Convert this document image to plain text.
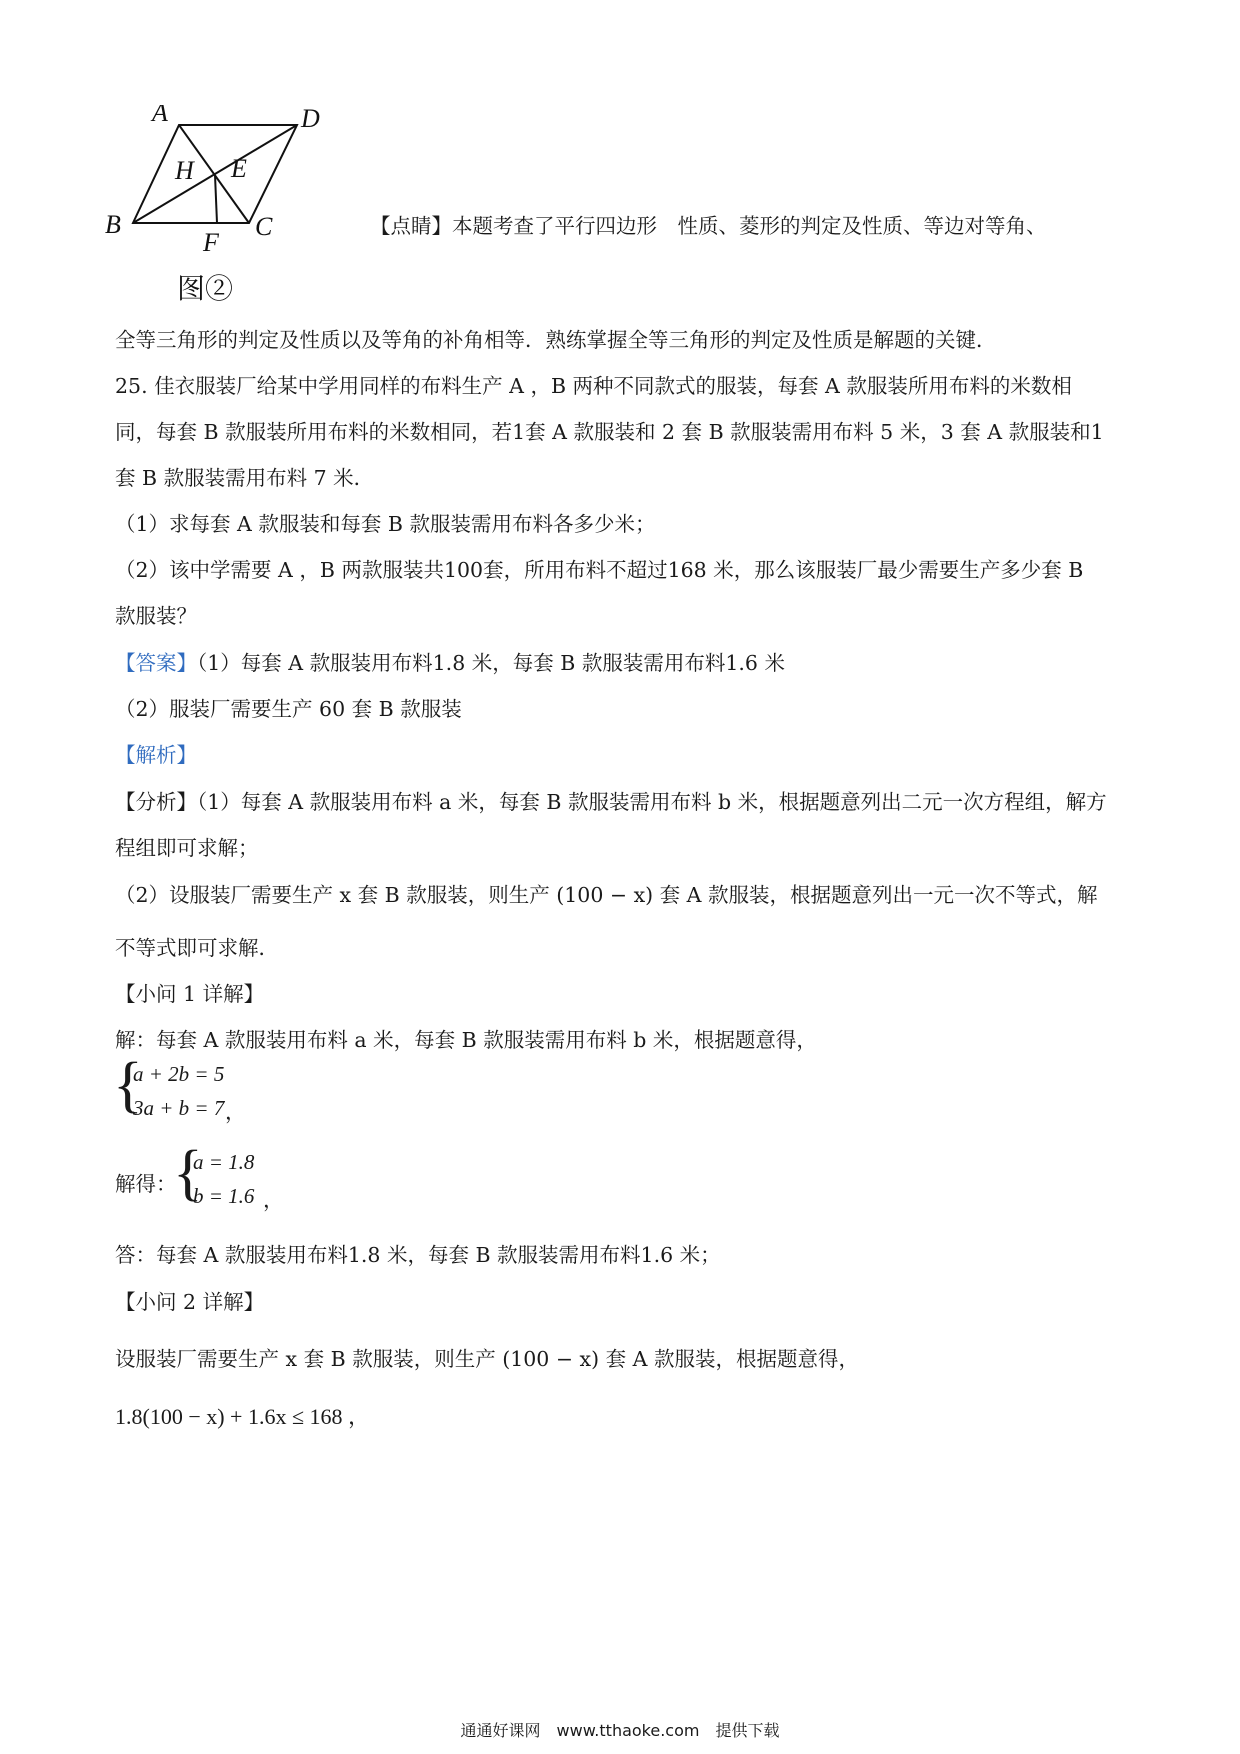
A	D
H E
B	C
F
图②
【点睛】本题考查了平行四边形　性质、菱形的判定及性质、等边对等角、
全等三角形的判定及性质以及等角的补角相等．熟练掌握全等三角形的判定及性质是解题的关键．
25. 佳衣服装厂给某中学用同样的布料生产 A ，B 两种不同款式的服装，每套 A 款服装所用布料的米数相
同，每套 B 款服装所用布料的米数相同，若1套 A 款服装和 2 套 B 款服装需用布料 5 米，3 套 A 款服装和1
套 B 款服装需用布料 7 米．
（1）求每套 A 款服装和每套 B 款服装需用布料各多少米；
（2）该中学需要 A ，B 两款服装共100套，所用布料不超过168 米，那么该服装厂最少需要生产多少套 B
款服装？
【答案】（1）每套 A 款服装用布料1.8 米，每套 B 款服装需用布料1.6 米
（2）服装厂需要生产 60 套 B 款服装
【解析】
【分析】（1）每套 A 款服装用布料 a 米，每套 B 款服装需用布料 b 米，根据题意列出二元一次方程组，解方
程组即可求解；
（2）设服装厂需要生产 x 套 B 款服装，则生产 (100 − x) 套 A 款服装，根据题意列出一元一次不等式，解
不等式即可求解．
【小问 1 详解】
解：每套 A 款服装用布料 a 米，每套 B 款服装需用布料 b 米，根据题意得，
{
a + 2b = 5
3a + b = 7 ，
解得：
{
a = 1.8
b = 1.6 ，
答：每套 A 款服装用布料1.8 米，每套 B 款服装需用布料1.6 米；
【小问 2 详解】
设服装厂需要生产 x 套 B 款服装，则生产 (100 − x) 套 A 款服装，根据题意得，
1.8(100 − x) + 1.6x ≤ 168 ，
通通好课网　www.tthaoke.com　提供下载
